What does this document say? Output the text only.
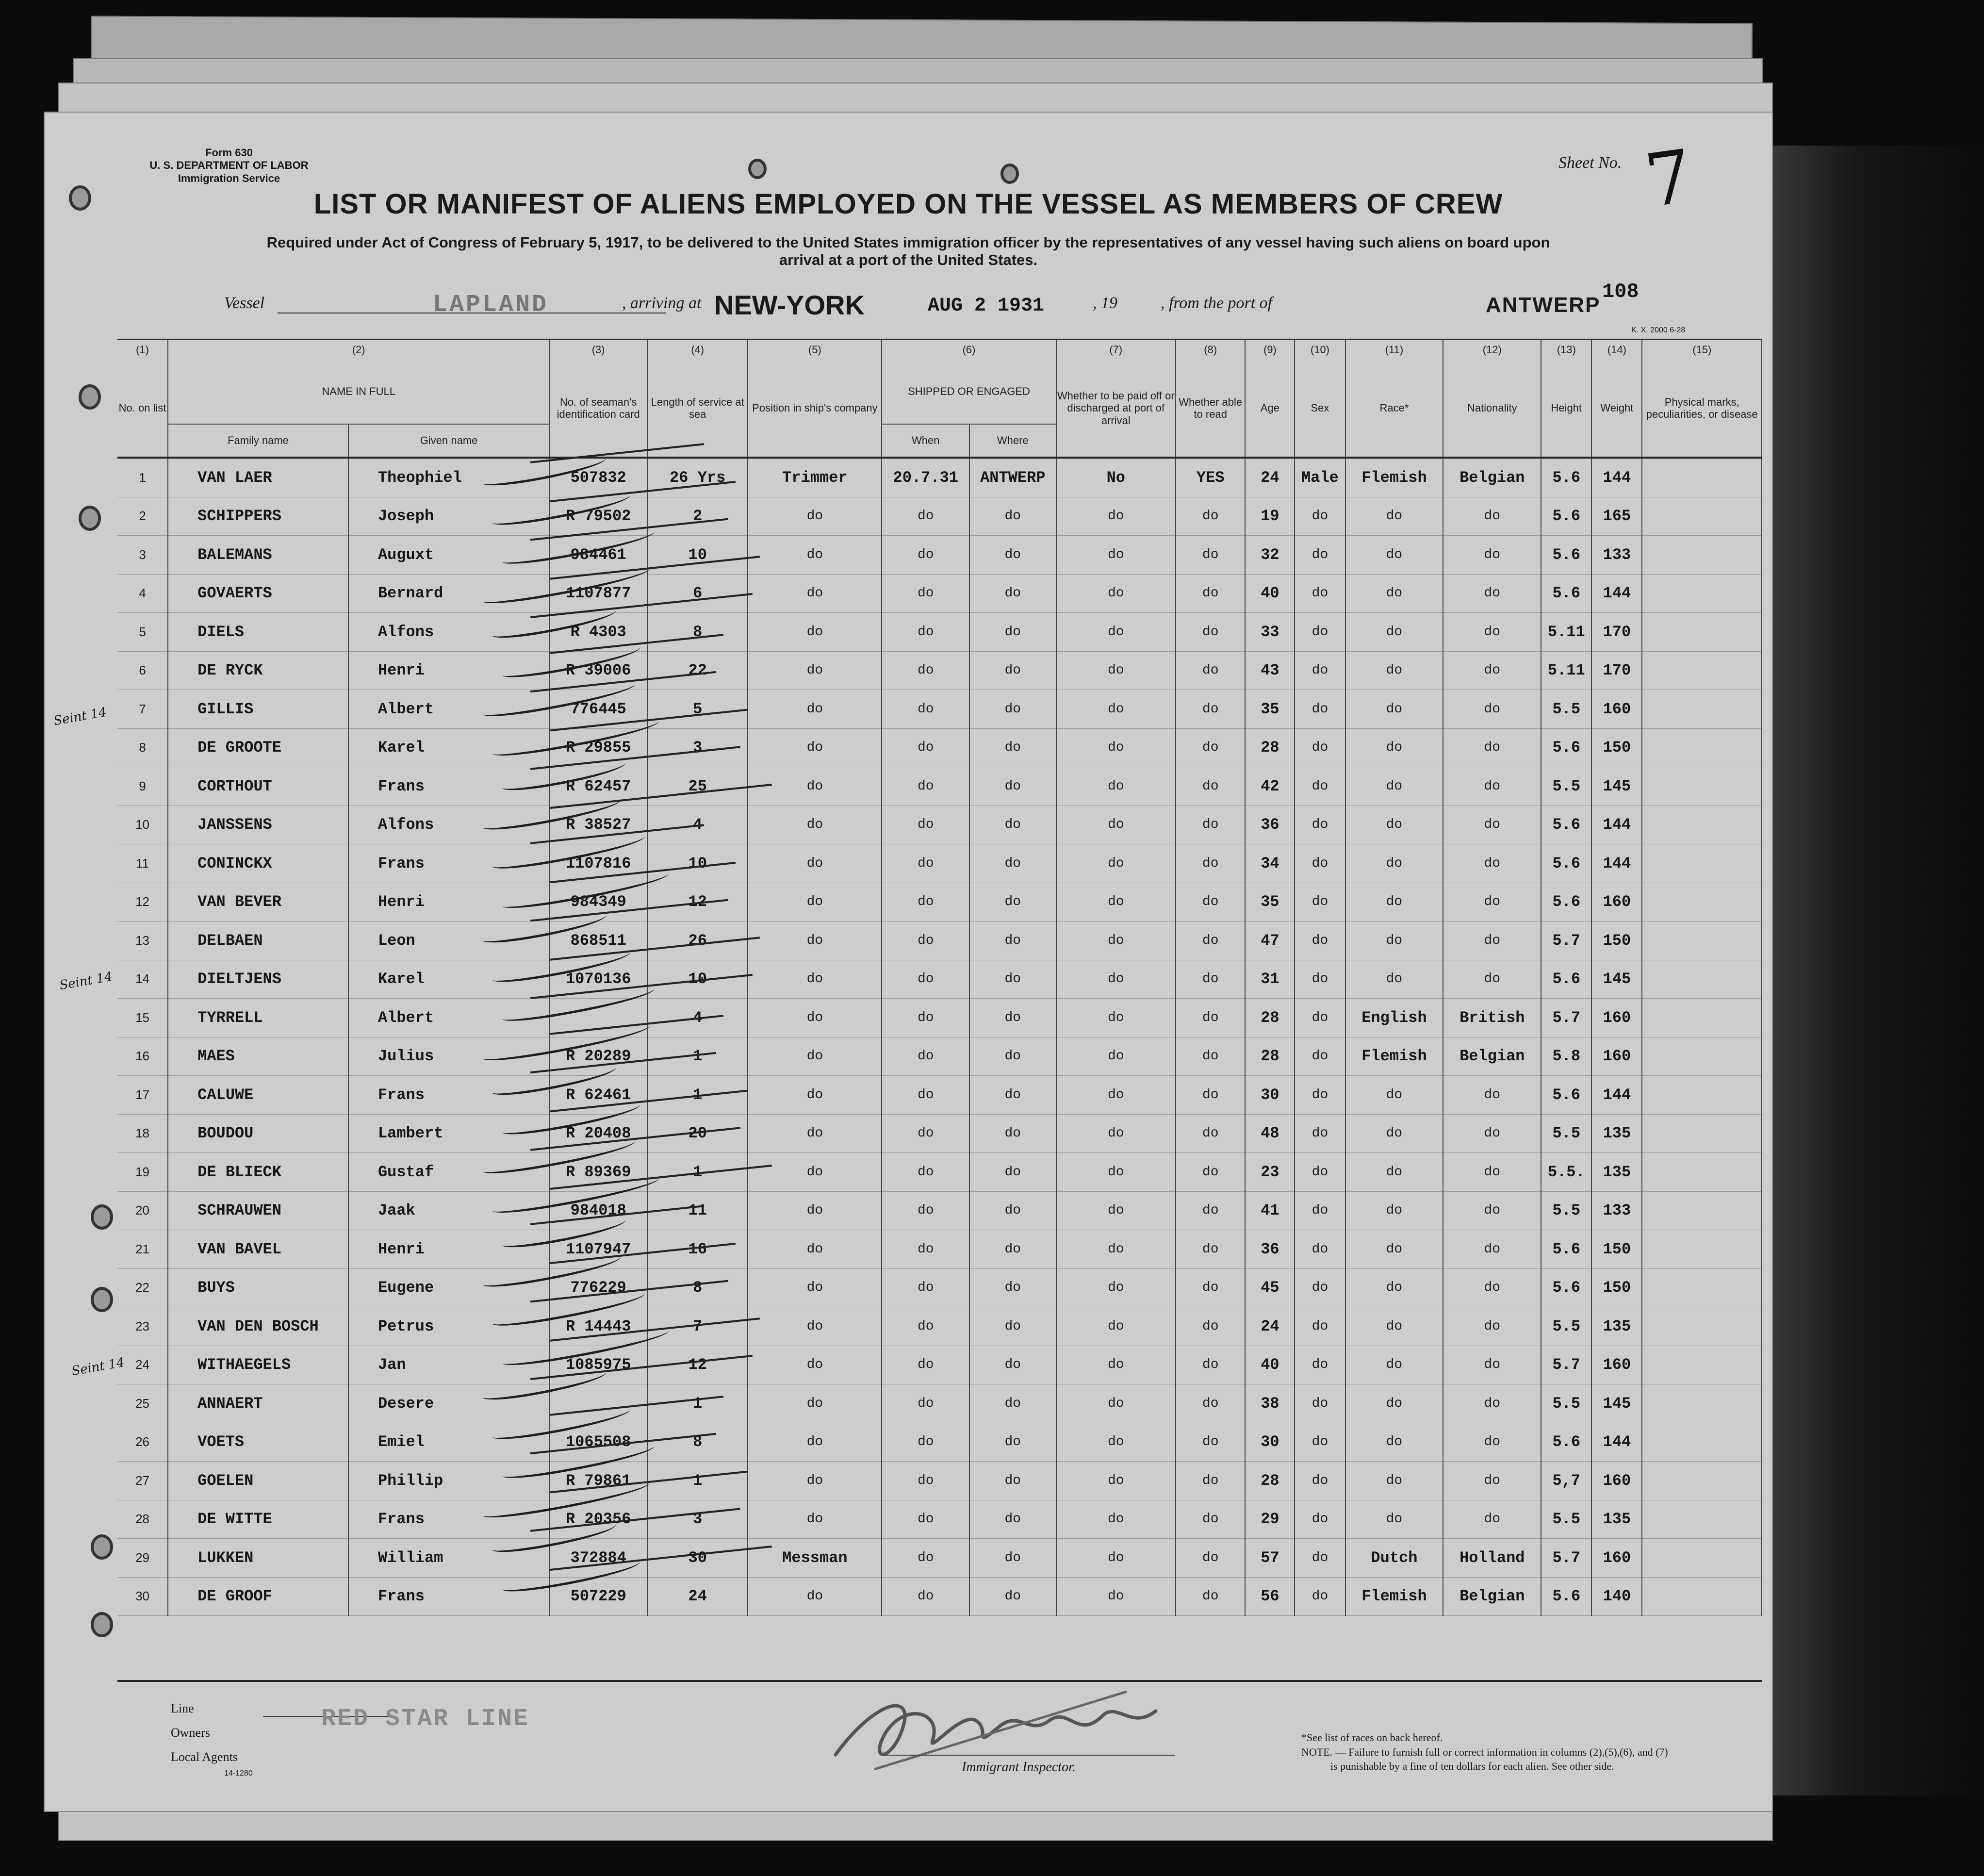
Form 630
U. S. DEPARTMENT OF LABOR
Immigration Service
Sheet No. 7
108
LIST OR MANIFEST OF ALIENS EMPLOYED ON THE VESSEL AS MEMBERS OF CREW
Required under Act of Congress of February 5, 1917, to be delivered to the United States immigration officer by the representatives of any vessel having such aliens on board upon
arrival at a port of the United States.
Vessel	LAPLAND	, arriving at NEW-YORK	AUG 2 1931	, 19	, from the port of	ANTWERP
K. X. 2000 6-28
(1)	(2)		(3)	(4)	(5)	(6)		(7)	(8)	(9)	(10)	(11)	(12)	(13)	(14)	(15)
No. on list	NAME IN FULL		No. of seaman's identification card	Length of service at sea	Position in ship's company	SHIPPED OR ENGAGED		Whether to be paid off or discharged at port of arrival	Whether able to read	Age	Sex	Race*	Nationality	Height	Weight	Physical marks, peculiarities, or disease
	Family name	Given name				When	Where									
1	VAN LAER	Theophiel	507832	26 Yrs	Trimmer	20.7.31	ANTWERP	No	YES	24	Male	Flemish	Belgian	5.6	144	
2	SCHIPPERS	Joseph	R 79502	2	do	do	do	do	do	19	do	do	do	5.6	165	
3	BALEMANS	Auguxt	984461	10	do	do	do	do	do	32	do	do	do	5.6	133	
4	GOVAERTS	Bernard	1107877	6	do	do	do	do	do	40	do	do	do	5.6	144	
5	DIELS	Alfons	R 4303	8	do	do	do	do	do	33	do	do	do	5.11	170	
6	DE RYCK	Henri	R 39006	22	do	do	do	do	do	43	do	do	do	5.11	170	
7	GILLIS	Albert	776445	5	do	do	do	do	do	35	do	do	do	5.5	160	
8	DE GROOTE	Karel	R 29855	3	do	do	do	do	do	28	do	do	do	5.6	150	
9	CORTHOUT	Frans	R 62457	25	do	do	do	do	do	42	do	do	do	5.5	145	
10	JANSSENS	Alfons	R 38527	4	do	do	do	do	do	36	do	do	do	5.6	144	
11	CONINCKX	Frans	1107816	10	do	do	do	do	do	34	do	do	do	5.6	144	
12	VAN BEVER	Henri	984349	12	do	do	do	do	do	35	do	do	do	5.6	160	
13	DELBAEN	Leon	868511	26	do	do	do	do	do	47	do	do	do	5.7	150	
14	DIELTJENS	Karel	1070136	10	do	do	do	do	do	31	do	do	do	5.6	145	
15	TYRRELL	Albert		4	do	do	do	do	do	28	do	English	British	5.7	160	
16	MAES	Julius	R 20289	1	do	do	do	do	do	28	do	Flemish	Belgian	5.8	160	
17	CALUWE	Frans	R 62461	1	do	do	do	do	do	30	do	do	do	5.6	144	
18	BOUDOU	Lambert	R 20408	20	do	do	do	do	do	48	do	do	do	5.5	135	
19	DE BLIECK	Gustaf	R 89369	1	do	do	do	do	do	23	do	do	do	5.5.	135	
20	SCHRAUWEN	Jaak	984018	11	do	do	do	do	do	41	do	do	do	5.5	133	
21	VAN BAVEL	Henri	1107947	16	do	do	do	do	do	36	do	do	do	5.6	150	
22	BUYS	Eugene	776229	8	do	do	do	do	do	45	do	do	do	5.6	150	
23	VAN DEN BOSCH	Petrus	R 14443	7	do	do	do	do	do	24	do	do	do	5.5	135	
24	WITHAEGELS	Jan	1085975	12	do	do	do	do	do	40	do	do	do	5.7	160	
25	ANNAERT	Desere		1	do	do	do	do	do	38	do	do	do	5.5	145	
26	VOETS	Emiel	1065508	8	do	do	do	do	do	30	do	do	do	5.6	144	
27	GOELEN	Phillip	R 79861	1	do	do	do	do	do	28	do	do	do	5,7	160	
28	DE WITTE	Frans	R 20356	3	do	do	do	do	do	29	do	do	do	5.5	135	
29	LUKKEN	William	372884	30	Messman	do	do	do	do	57	do	Dutch	Holland	5.7	160	
30	DE GROOF	Frans	507229	24	do	do	do	do	do	56	do	Flemish	Belgian	5.6	140	
Seint 14
Seint 14
Seint 14
Line
Owners
Local Agents
14-1280
RED STAR LINE
Immigrant Inspector.
*See list of races on back hereof.
NOTE. — Failure to furnish full or correct information in columns (2),(5),(6), and (7)
is punishable by a fine of ten dollars for each alien. See other side.
